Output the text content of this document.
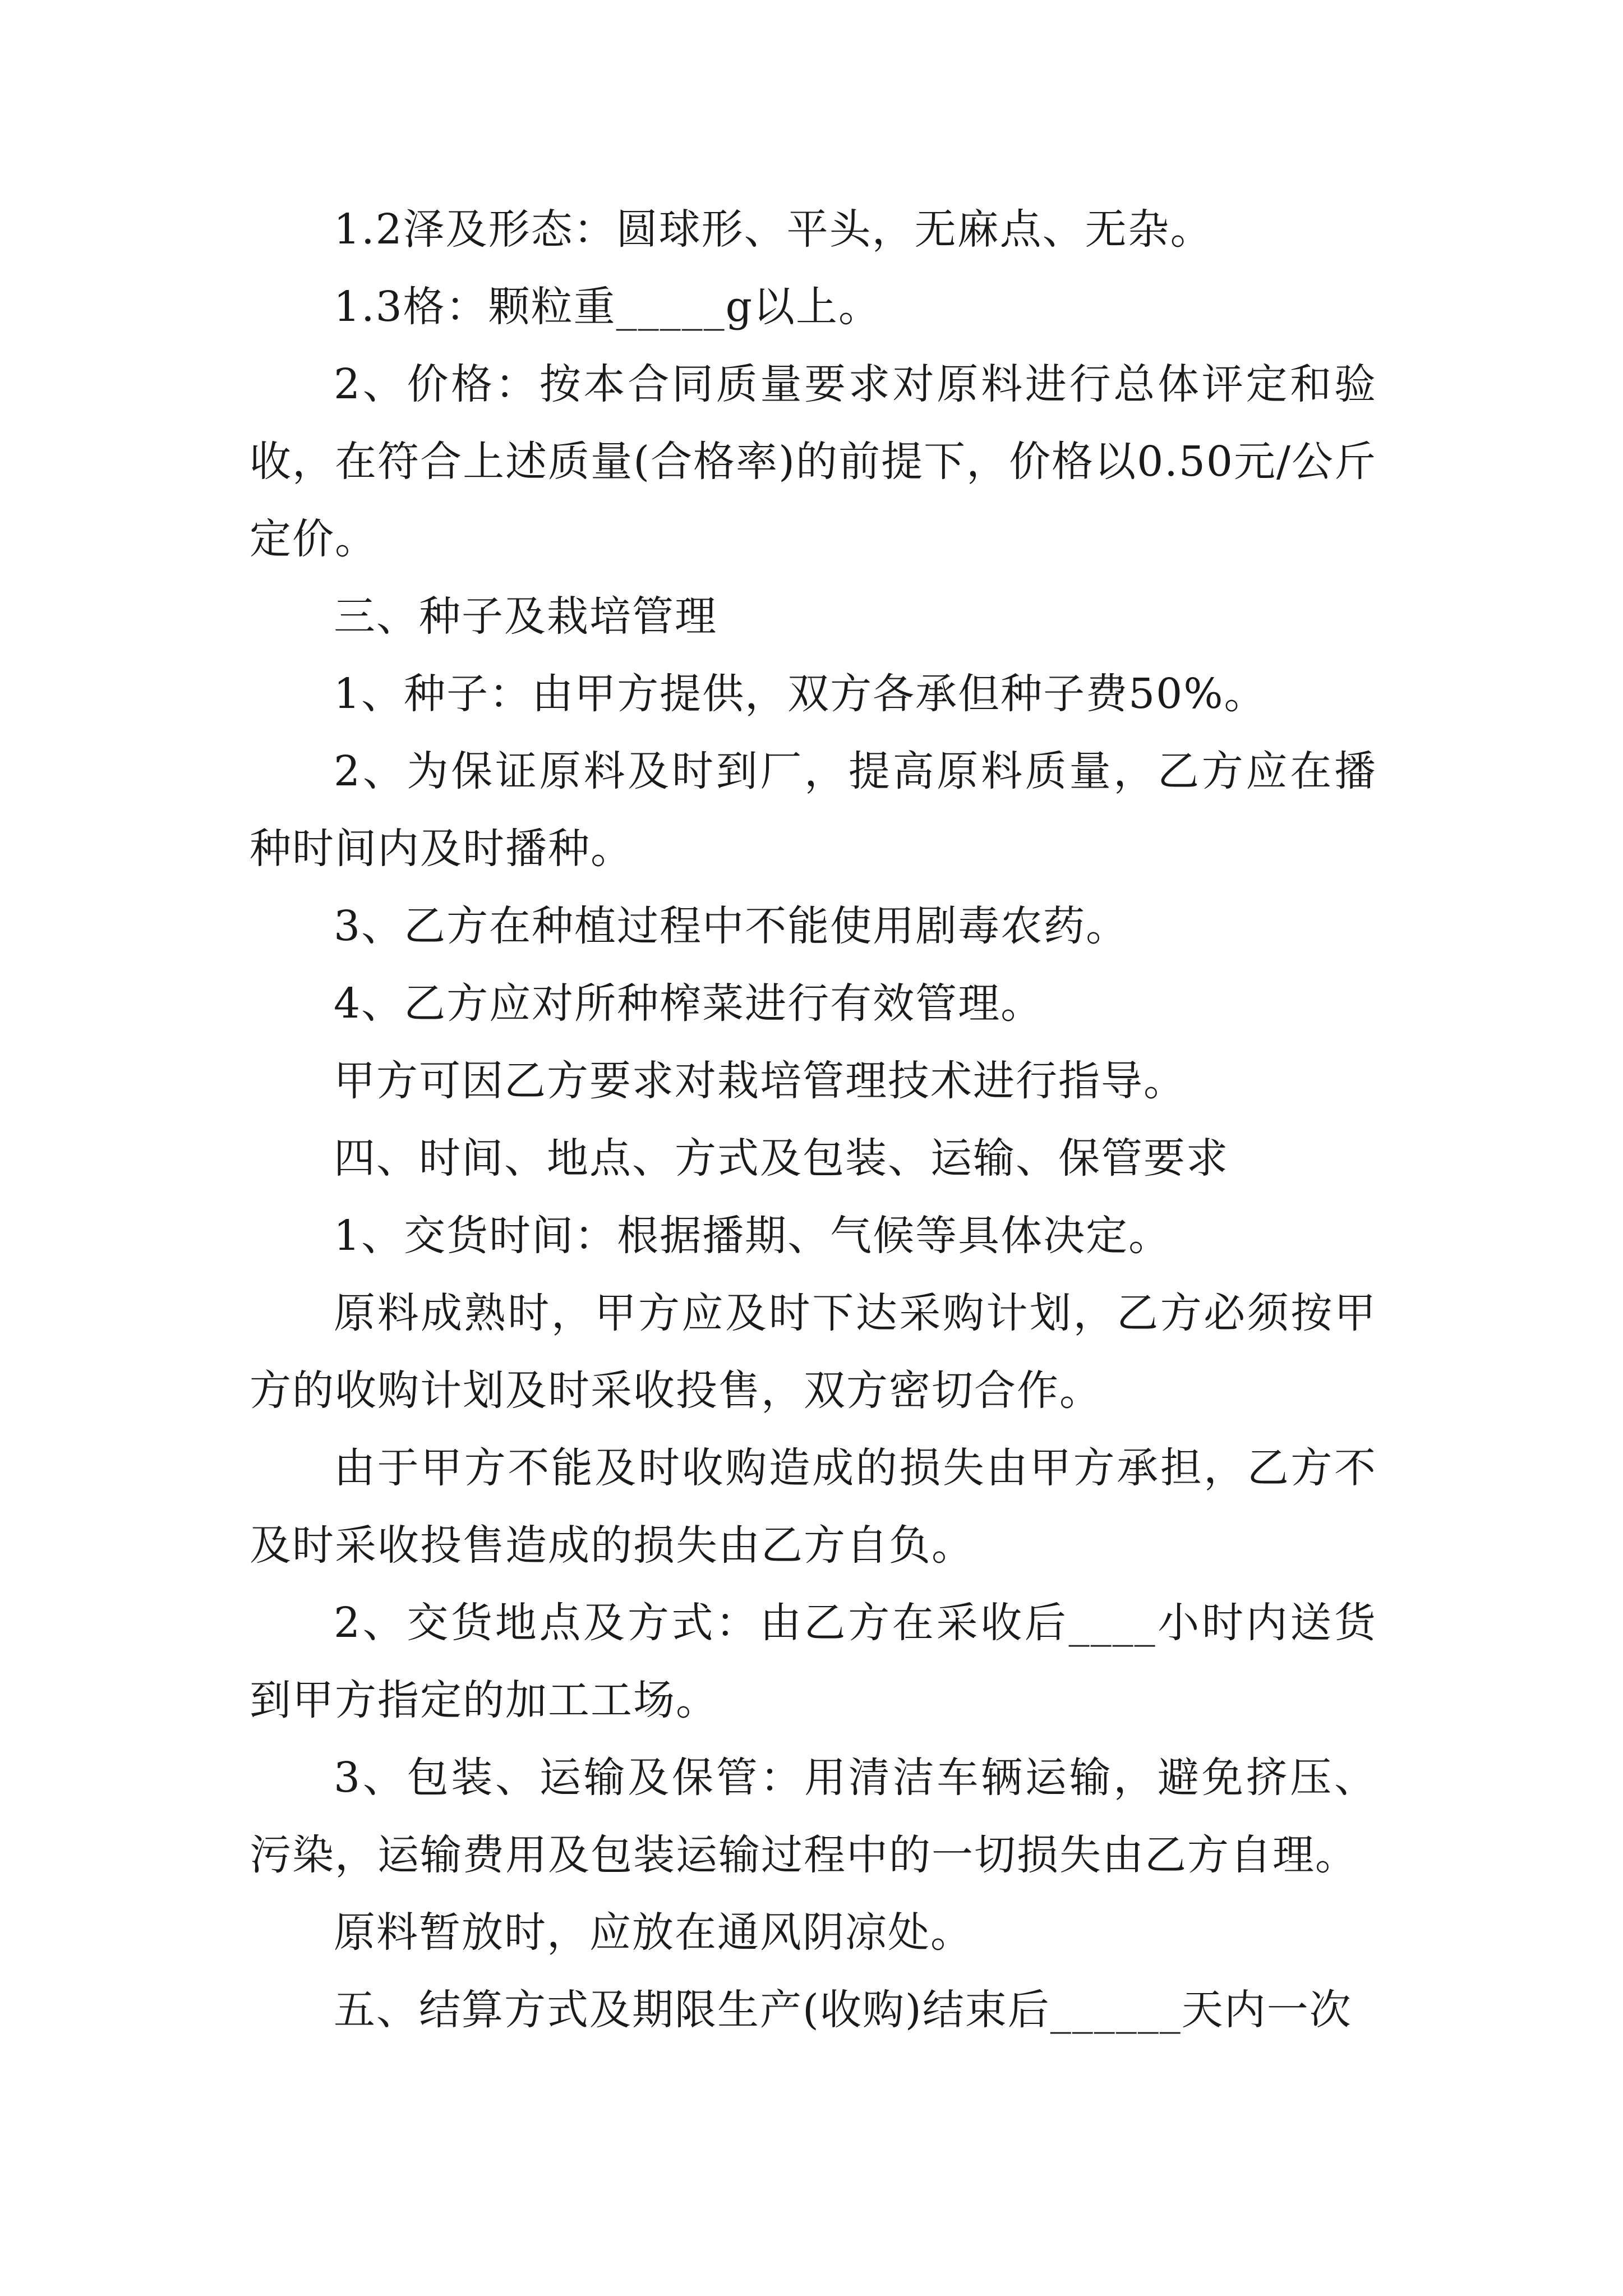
1.2泽及形态：圆球形、平头，无麻点、无杂。

1.3格：颗粒重_____g以上。

2、价格：按本合同质量要求对原料进行总体评定和验收，在符合上述质量(合格率)的前提下，价格以0.50元/公斤定价。

三、种子及栽培管理

1、种子：由甲方提供，双方各承但种子费50%。

2、为保证原料及时到厂，提高原料质量，乙方应在播种时间内及时播种。

3、乙方在种植过程中不能使用剧毒农药。

4、乙方应对所种榨菜进行有效管理。

甲方可因乙方要求对栽培管理技术进行指导。

四、时间、地点、方式及包装、运输、保管要求

1、交货时间：根据播期、气候等具体决定。

原料成熟时，甲方应及时下达采购计划，乙方必须按甲方的收购计划及时采收投售，双方密切合作。

由于甲方不能及时收购造成的损失由甲方承担，乙方不及时采收投售造成的损失由乙方自负。

2、交货地点及方式：由乙方在采收后____小时内送货到甲方指定的加工工场。

3、包装、运输及保管：用清洁车辆运输，避免挤压、污染，运输费用及包装运输过程中的一切损失由乙方自理。

原料暂放时，应放在通风阴凉处。

五、结算方式及期限生产(收购)结束后______天内一次
